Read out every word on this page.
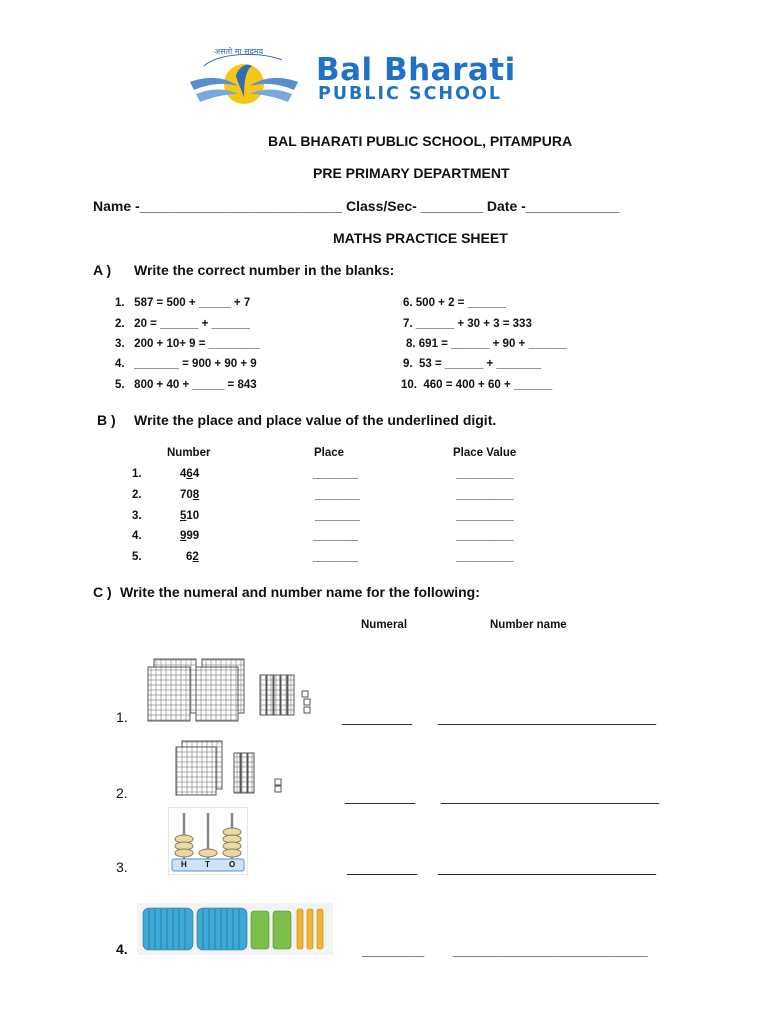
असतो मा सद्गमय

Bal Bharati

PUBLIC SCHOOL

BAL BHARATI PUBLIC SCHOOL, PITAMPURA
PRE PRIMARY DEPARTMENT
Name -__________________________ Class/Sec- ________ Date -____________
MATHS PRACTICE SHEET
A ) Write the correct number in the blanks:
1.   587 = 500 + _____ + 7
2.   20 = ______ + ______
3.   200 + 10+ 9 = ________
4.   _______ = 900 + 90 + 9
5.   800 + 40 + _____ = 843
6. 500 + 2 = ______
7. ______ + 30 + 3 = 333
8. 691 = ______ + 90 + ______
9.  53 = ______ + _______
10.  460 = 400 + 60 + ______
B ) Write the place and place value of the underlined digit.
Number	Place	Place Value
1.	464	_______	_________
2.	708	_______	_________
3.	510	_______	_________
4.	999	_______	_________
5.	62	_______	_________
C ) Write the numeral and number name for the following:
Numeral	Number name
1.	_________ ____________________________
2.	_________ ____________________________
H T O
3.	_________ ____________________________
4.	________ _________________________
